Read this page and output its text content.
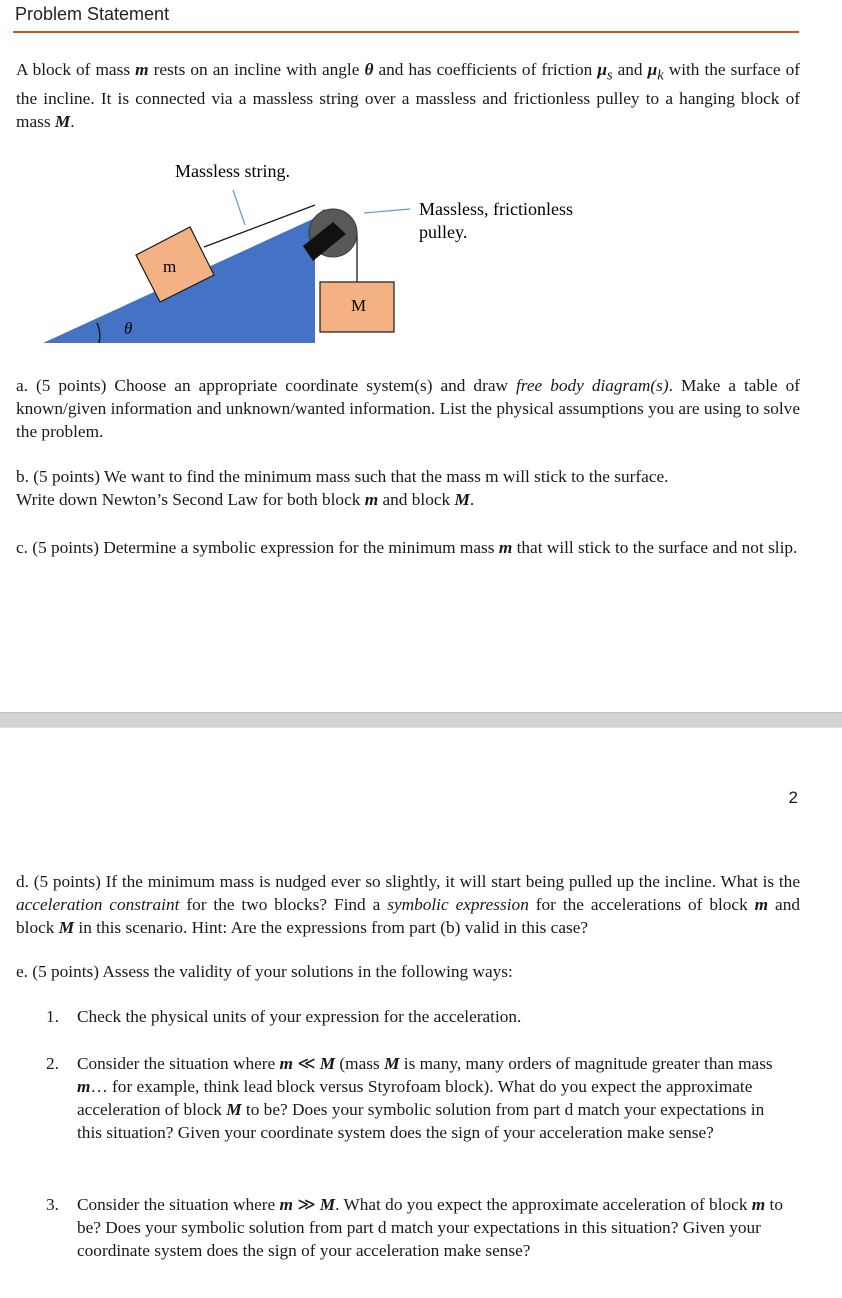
Problem Statement
A block of mass m rests on an incline with angle θ and has coefficients of friction $\mu_s$ and $\mu_k$ with the surface of the incline. It is connected via a massless string over a massless and frictionless pulley to a hanging block of mass M.
θ
m
M
Massless string.
Massless, frictionless
pulley.
a. (5 points) Choose an appropriate coordinate system(s) and draw free body diagram(s). Make a table of known/given information and unknown/wanted information. List the physical assumptions you are using to solve the problem.
b. (5 points) We want to find the minimum mass such that the mass m will stick to the surface.
Write down Newton’s Second Law for both block m and block M.
c. (5 points) Determine a symbolic expression for the minimum mass m that will stick to the surface and not slip.
2
d. (5 points) If the minimum mass is nudged ever so slightly, it will start being pulled up the incline. What is the acceleration constraint for the two blocks? Find a symbolic expression for the accelerations of block m and block M in this scenario. Hint: Are the expressions from part (b) valid in this case?
e. (5 points) Assess the validity of your solutions in the following ways:
1. Check the physical units of your expression for the acceleration.
2. Consider the situation where m ≪ M (mass M is many, many orders of magnitude greater than mass m… for example, think lead block versus Styrofoam block). What do you expect the approximate acceleration of block M to be? Does your symbolic solution from part d match your expectations in this situation? Given your coordinate system does the sign of your acceleration make sense?
3. Consider the situation where m ≫ M. What do you expect the approximate acceleration of block m to be? Does your symbolic solution from part d match your expectations in this situation? Given your coordinate system does the sign of your acceleration make sense?
